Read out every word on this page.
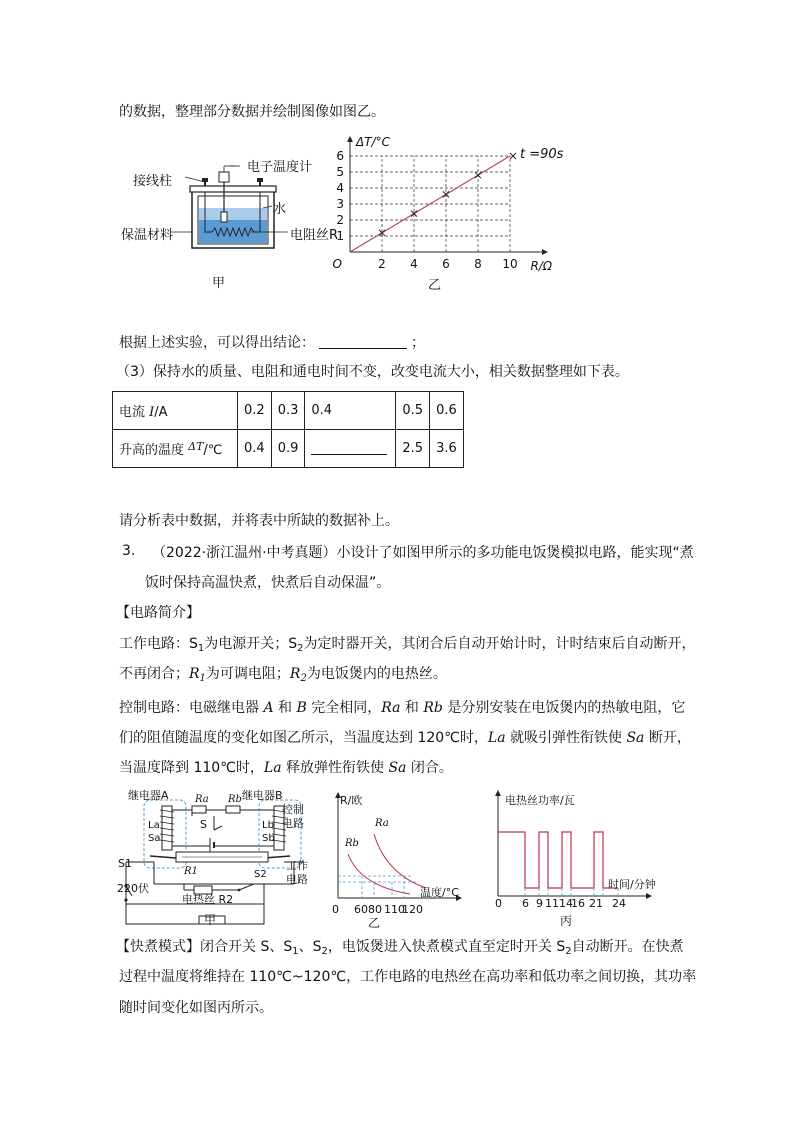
的数据，整理部分数据并绘制图像如图乙。

接线柱
电子温度计
水
保温材料	电阻丝R
甲
2 4 6 8 10
1
2
3
4
5
6
O	R/Ω
ΔT/°C
t =90s
乙

根据上述实验，可以得出结论：	；

（3）保持水的质量、电阻和通电时间不变，改变电流大小，相关数据整理如下表。

电流 I/A	0.2	0.3	0.4	0.5	0.6
升高的温度 $^{\Delta T}$/℃	0.4	0.9		2.5	3.6

请分析表中数据，并将表中所缺的数据补上。

3. （2022·浙江温州·中考真题）小设计了如图甲所示的多功能电饭煲模拟电路，能实现“煮

饭时保持高温快煮，快煮后自动保温”。

【电路简介】

工作电路：$S_1$为电源开关；$S_2$为定时器开关，其闭合后自动开始计时，计时结束后自动断开，

不再闭合；$R_1$为可调电阻；$R_2$为电饭煲内的电热丝。

控制电路：电磁继电器 A 和 B 完全相同，Ra 和 Rb 是分别安装在电饭煲内的热敏电阻，它

们的阻值随温度的变化如图乙所示，当温度达到 120℃时，La 就吸引弹性衔铁使 Sa 断开，

当温度降到 110℃时，La 释放弹性衔铁使 Sa 闭合。

继电器A	继电器B
Ra Rb
La	Lb
Sa	Sb
S
S1
S2
R1
220伏
电热丝 R2
控制
电路
工作
电路
甲
R/欧
Ra
Rb
温度/°C
0 60 80 110
120
乙
电热丝功率/瓦
时间/分钟
0 6 9 11 14
16 21 24
丙

【快煮模式】闭合开关 S、$S_1$、$S_2$，电饭煲进入快煮模式直至定时开关 $S_2$自动断开。在快煮

过程中温度将维持在 110℃~120℃，工作电路的电热丝在高功率和低功率之间切换，其功率

随时间变化如图丙所示。
